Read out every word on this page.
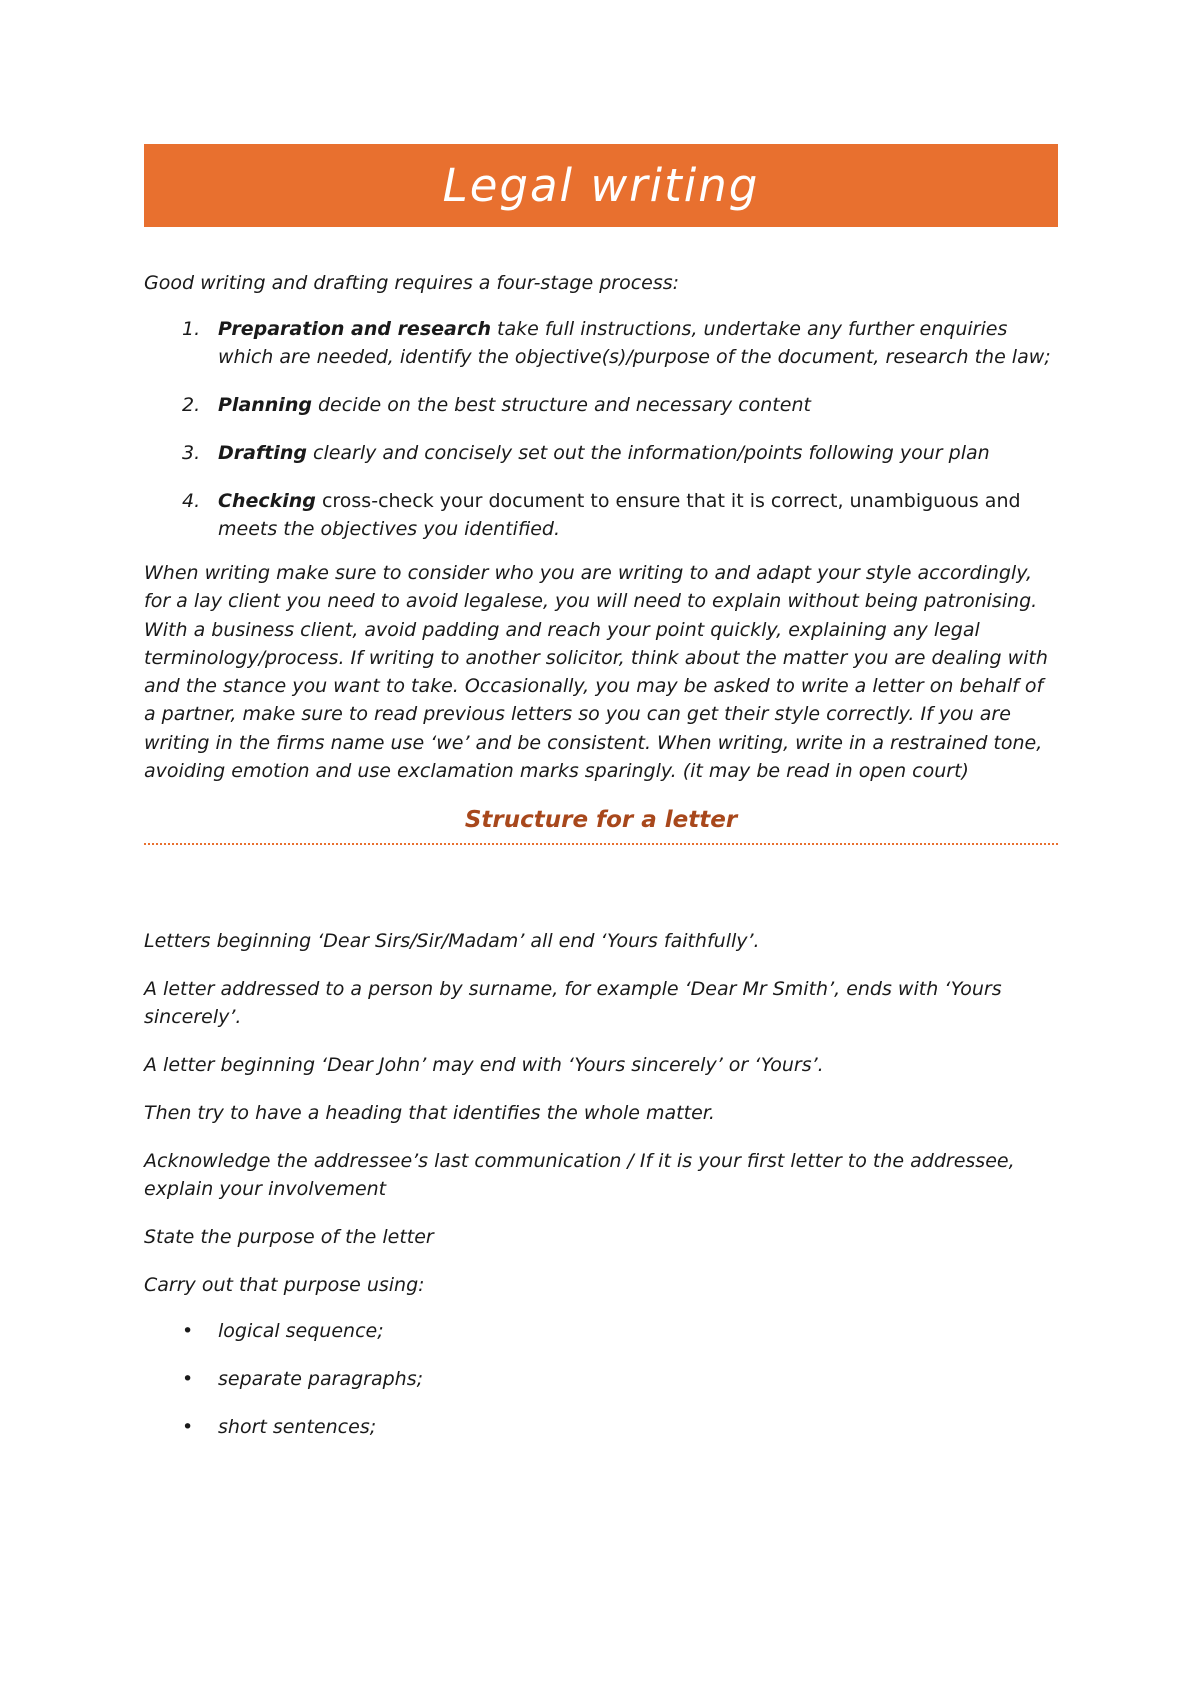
Legal writing

Good writing and drafting requires a four-stage process:

1. Preparation and research take full instructions, undertake any further enquiries which are needed, identify the objective(s)/purpose of the document, research the law;
2. Planning decide on the best structure and necessary content
3. Drafting clearly and concisely set out the information/points following your plan
4. Checking cross-check your document to ensure that it is correct, unambiguous and meets the objectives you identified.

When writing make sure to consider who you are writing to and adapt your style accordingly, for a lay client you need to avoid legalese, you will need to explain without being patronising. With a business client, avoid padding and reach your point quickly, explaining any legal terminology/process. If writing to another solicitor, think about the matter you are dealing with and the stance you want to take. Occasionally, you may be asked to write a letter on behalf of a partner, make sure to read previous letters so you can get their style correctly. If you are writing in the firms name use ‘we’ and be consistent. When writing, write in a restrained tone, avoiding emotion and use exclamation marks sparingly. (it may be read in open court)

Structure for a letter

Letters beginning ‘Dear Sirs/Sir/Madam’ all end ‘Yours faithfully’.

A letter addressed to a person by surname, for example ‘Dear Mr Smith’, ends with ‘Yours sincerely’.

A letter beginning ‘Dear John’ may end with ‘Yours sincerely’ or ‘Yours’.

Then try to have a heading that identifies the whole matter.

Acknowledge the addressee’s last communication / If it is your first letter to the addressee, explain your involvement

State the purpose of the letter

Carry out that purpose using:

• logical sequence;
• separate paragraphs;
• short sentences;
